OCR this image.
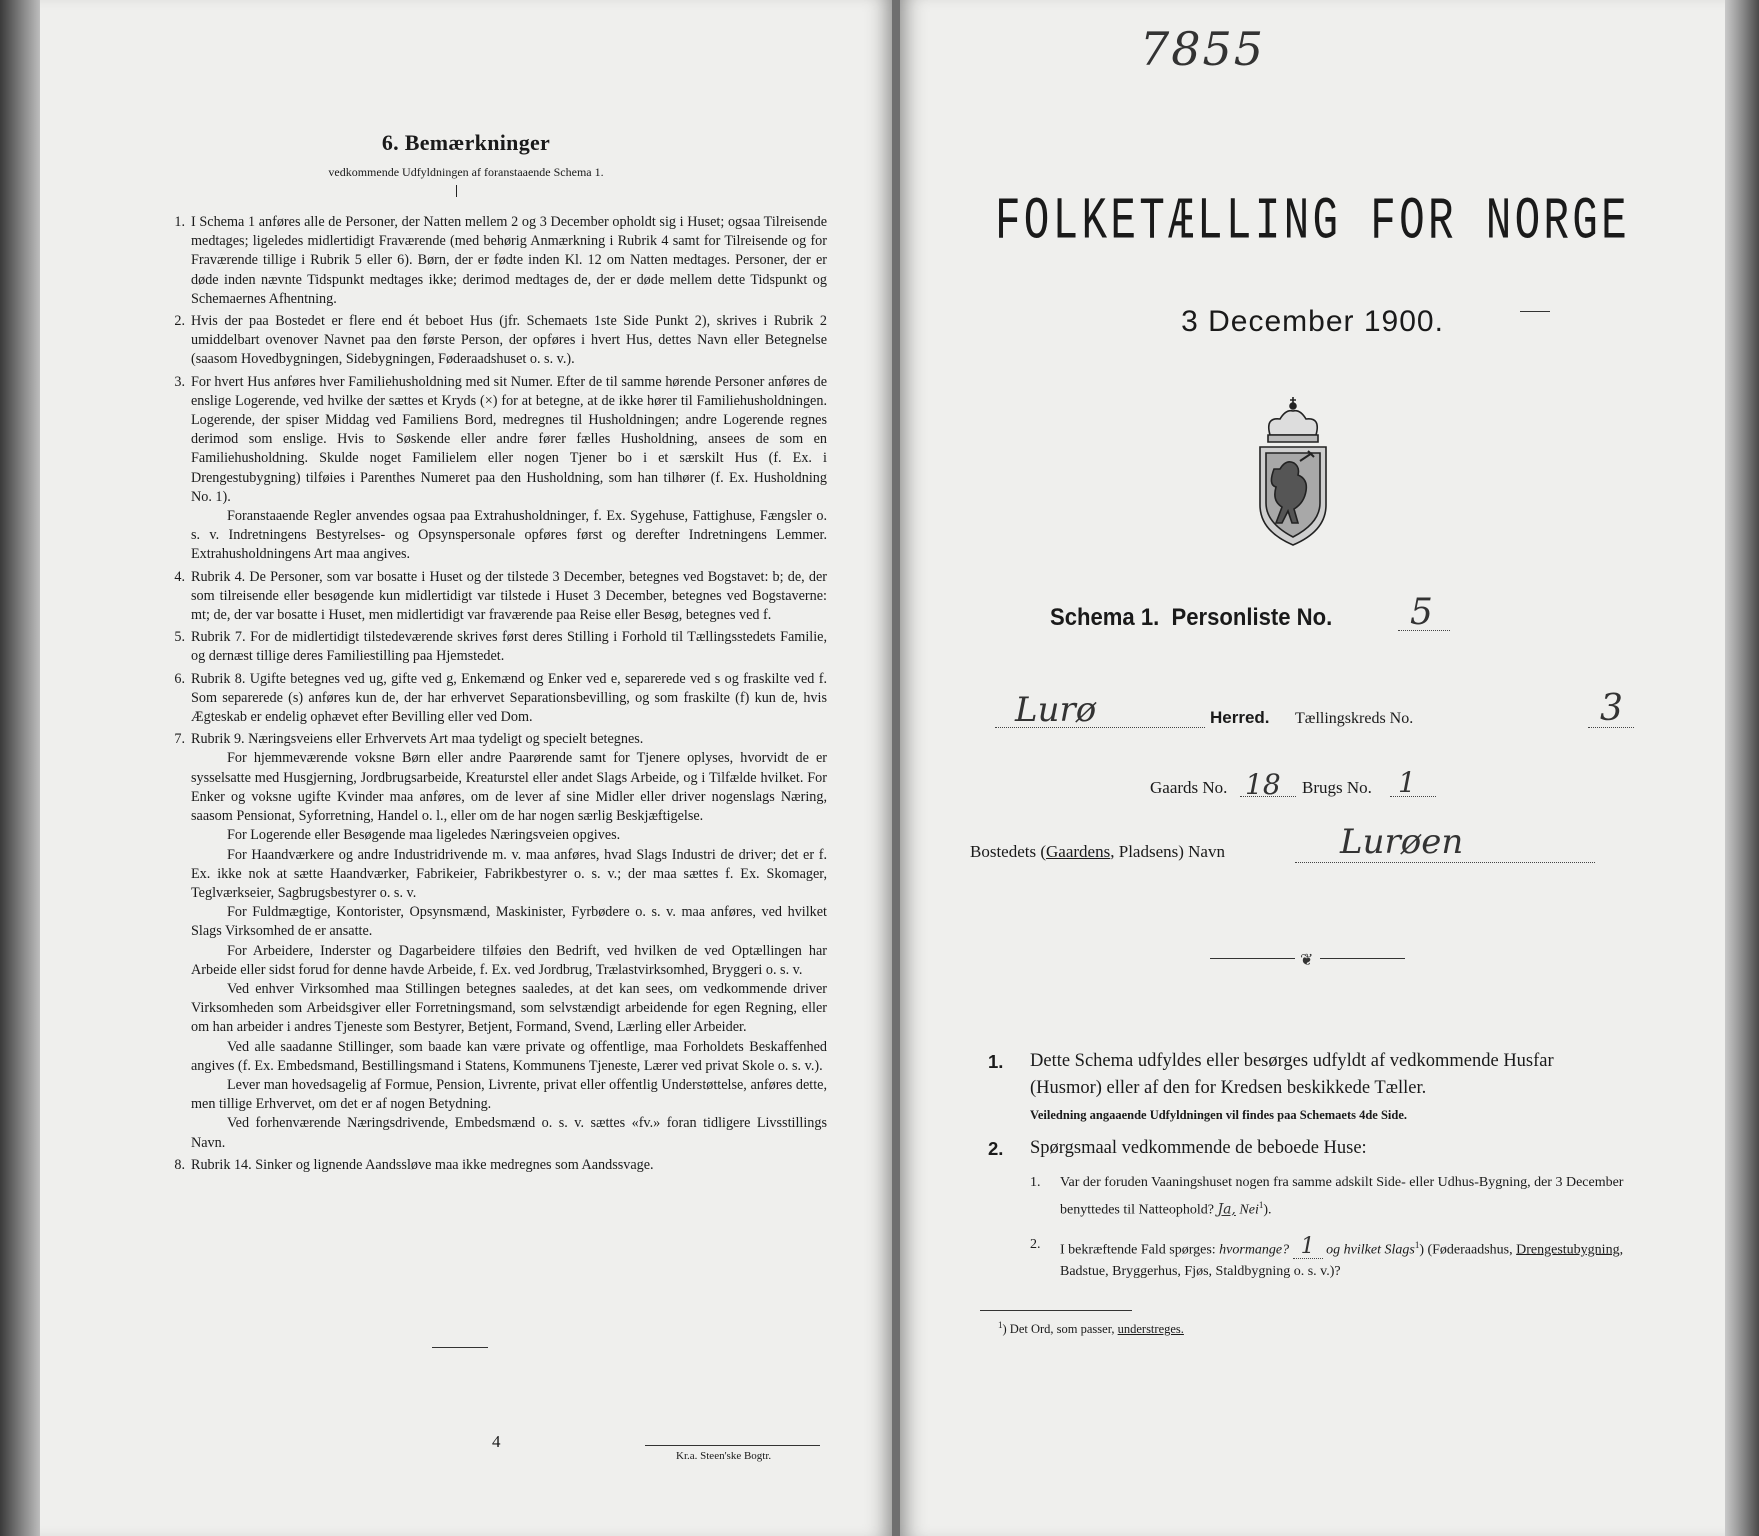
6. Bemærkninger
vedkommende Udfyldningen af foranstaaende Schema 1.
1. I Schema 1 anføres alle de Personer, der Natten mellem 2 og 3 December opholdt sig i Huset; ogsaa Tilreisende medtages; ligeledes midlertidigt Fraværende (med behørig Anmærkning i Rubrik 4 samt for Tilreisende og for Fraværende tillige i Rubrik 5 eller 6). Børn, der er fødte inden Kl. 12 om Natten medtages. Personer, der er døde inden nævnte Tidspunkt medtages ikke; derimod medtages de, der er døde mellem dette Tidspunkt og Schemaernes Afhentning.

2. Hvis der paa Bostedet er flere end ét beboet Hus (jfr. Schemaets 1ste Side Punkt 2), skrives i Rubrik 2 umiddelbart ovenover Navnet paa den første Person, der opføres i hvert Hus, dettes Navn eller Betegnelse (saasom Hovedbygningen, Sidebygningen, Føderaadshuset o. s. v.).

3. For hvert Hus anføres hver Familiehusholdning med sit Numer. Efter de til samme hørende Personer anføres de enslige Logerende, ved hvilke der sættes et Kryds (×) for at betegne, at de ikke hører til Familiehusholdningen. Logerende, der spiser Middag ved Familiens Bord, medregnes til Husholdningen; andre Logerende regnes derimod som enslige. Hvis to Søskende eller andre fører fælles Husholdning, ansees de som en Familiehusholdning. Skulde noget Familielem eller nogen Tjener bo i et særskilt Hus (f. Ex. i Drengestubygning) tilføies i Parenthes Numeret paa den Husholdning, som han tilhører (f. Ex. Husholdning No. 1).

Foranstaaende Regler anvendes ogsaa paa Extrahusholdninger, f. Ex. Sygehuse, Fattighuse, Fængsler o. s. v. Indretningens Bestyrelses- og Opsynspersonale opføres først og derefter Indretningens Lemmer. Extrahusholdningens Art maa angives.

4. Rubrik 4. De Personer, som var bosatte i Huset og der tilstede 3 December, betegnes ved Bogstavet: b; de, der som tilreisende eller besøgende kun midlertidigt var tilstede i Huset 3 December, betegnes ved Bogstaverne: mt; de, der var bosatte i Huset, men midlertidigt var fraværende paa Reise eller Besøg, betegnes ved f.

5. Rubrik 7. For de midlertidigt tilstedeværende skrives først deres Stilling i Forhold til Tællingsstedets Familie, og dernæst tillige deres Familiestilling paa Hjemstedet.

6. Rubrik 8. Ugifte betegnes ved ug, gifte ved g, Enkemænd og Enker ved e, separerede ved s og fraskilte ved f. Som separerede (s) anføres kun de, der har erhvervet Separationsbevilling, og som fraskilte (f) kun de, hvis Ægteskab er endelig ophævet efter Bevilling eller ved Dom.

7. Rubrik 9. Næringsveiens eller Erhvervets Art maa tydeligt og specielt betegnes.

For hjemmeværende voksne Børn eller andre Paarørende samt for Tjenere oplyses, hvorvidt de er sysselsatte med Husgjerning, Jordbrugsarbeide, Kreaturstel eller andet Slags Arbeide, og i Tilfælde hvilket. For Enker og voksne ugifte Kvinder maa anføres, om de lever af sine Midler eller driver nogenslags Næring, saasom Pensionat, Syforretning, Handel o. l., eller om de har nogen særlig Beskjæftigelse.

For Logerende eller Besøgende maa ligeledes Næringsveien opgives.

For Haandværkere og andre Industridrivende m. v. maa anføres, hvad Slags Industri de driver; det er f. Ex. ikke nok at sætte Haandværker, Fabrikeier, Fabrikbestyrer o. s. v.; der maa sættes f. Ex. Skomager, Teglværkseier, Sagbrugsbestyrer o. s. v.

For Fuldmægtige, Kontorister, Opsynsmænd, Maskinister, Fyrbødere o. s. v. maa anføres, ved hvilket Slags Virksomhed de er ansatte.

For Arbeidere, Inderster og Dagarbeidere tilføies den Bedrift, ved hvilken de ved Optællingen har Arbeide eller sidst forud for denne havde Arbeide, f. Ex. ved Jordbrug, Trælastvirksomhed, Bryggeri o. s. v.

Ved enhver Virksomhed maa Stillingen betegnes saaledes, at det kan sees, om vedkommende driver Virksomheden som Arbeidsgiver eller Forretningsmand, som selvstændigt arbeidende for egen Regning, eller om han arbeider i andres Tjeneste som Bestyrer, Betjent, Formand, Svend, Lærling eller Arbeider.

Ved alle saadanne Stillinger, som baade kan være private og offentlige, maa Forholdets Beskaffenhed angives (f. Ex. Embedsmand, Bestillingsmand i Statens, Kommunens Tjeneste, Lærer ved privat Skole o. s. v.).

Lever man hovedsagelig af Formue, Pension, Livrente, privat eller offentlig Understøttelse, anføres dette, men tillige Erhvervet, om det er af nogen Betydning.

Ved forhenværende Næringsdrivende, Embedsmænd o. s. v. sættes «fv.» foran tidligere Livsstillings Navn.

8. Rubrik 14. Sinker og lignende Aandssløve maa ikke medregnes som Aandssvage.

4
Kr.a. Steen'ske Bogtr.
7855
FOLKETÆLLING FOR NORGE
3 December 1900.
Schema 1. Personliste No. 5
Lurø	Herred. Tællingskreds No.	3
Gaards No. 18 Brugs No. 1
Bostedets (Gaardens, Pladsens) Navn	Lurøen
❦
1.	Dette Schema udfyldes eller besørges udfyldt af vedkommende Husfar (Husmor) eller af den for Kredsen beskikkede Tæller.
Veiledning angaaende Udfyldningen vil findes paa Schemaets 4de Side.
2.	Spørgsmaal vedkommende de beboede Huse:
1.	Var der foruden Vaaningshuset nogen fra samme adskilt Side- eller Udhus-Bygning, der 3 December benyttedes til Natteophold? Ja, Nei$^1$).
2.	I bekræftende Fald spørges: hvormange? 1 og hvilket Slags$^1$) (Føderaadshus, Drengestubygning, Badstue, Bryggerhus, Fjøs, Staldbygning o. s. v.)?
$^1$) Det Ord, som passer, understreges.
